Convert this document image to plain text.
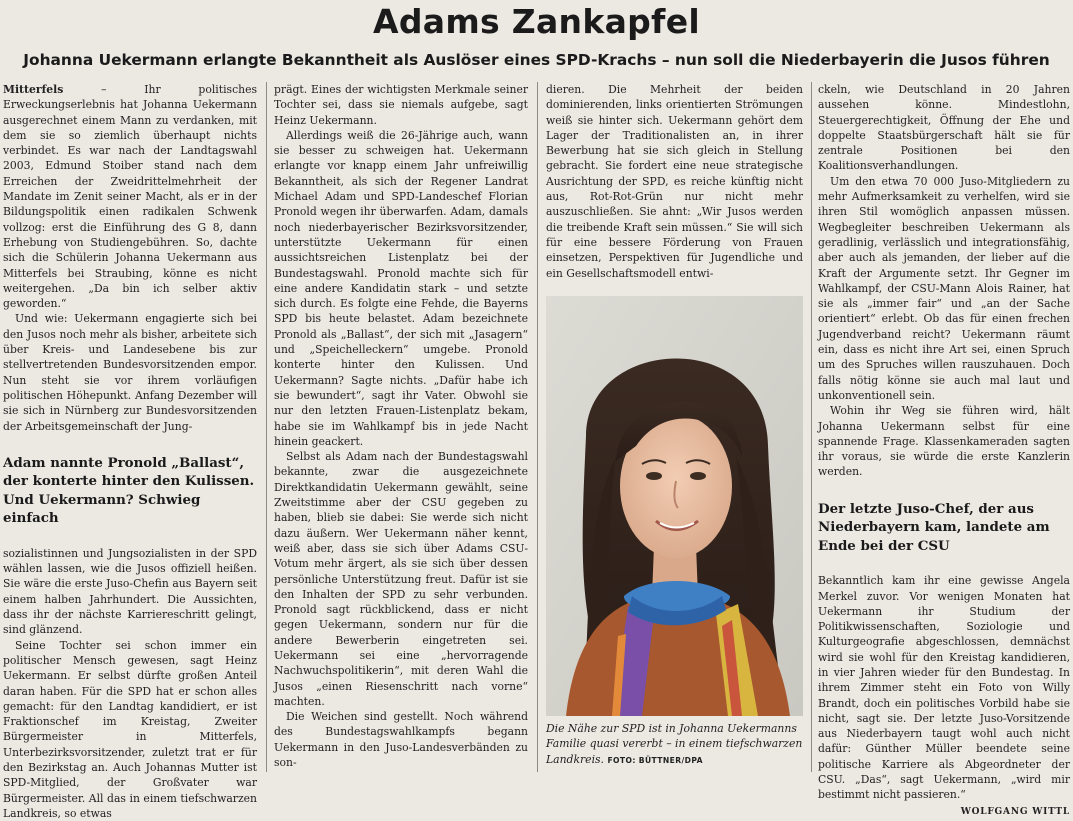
Adams Zankapfel
Johanna Uekermann erlangte Bekanntheit als Auslöser eines SPD-Krachs – nun soll die Niederbayerin die Jusos führen

Mitterfels – Ihr politisches Erweckungserlebnis hat Johanna Uekermann ausgerechnet einem Mann zu verdanken, mit dem sie so ziemlich überhaupt nichts verbindet. Es war nach der Landtagswahl 2003, Edmund Stoiber stand nach dem Erreichen der Zweidrittelmehrheit der Mandate im Zenit seiner Macht, als er in der Bildungspolitik einen radikalen Schwenk vollzog: erst die Einführung des G 8, dann Erhebung von Studiengebühren. So, dachte sich die Schülerin Johanna Uekermann aus Mitterfels bei Straubing, könne es nicht weitergehen. „Da bin ich selber aktiv geworden.“

Und wie: Uekermann engagierte sich bei den Jusos noch mehr als bisher, arbeitete sich über Kreis- und Landesebene bis zur stellvertretenden Bundesvorsitzenden empor. Nun steht sie vor ihrem vorläufigen politischen Höhepunkt. Anfang Dezember will sie sich in Nürnberg zur Bundesvorsitzenden der Arbeitsgemeinschaft der Jung-

Adam nannte Pronold „Ballast“, der konterte hinter den Kulissen. Und Uekermann? Schwieg einfach

sozialistinnen und Jungsozialisten in der SPD wählen lassen, wie die Jusos offiziell heißen. Sie wäre die erste Juso-Chefin aus Bayern seit einem halben Jahrhundert. Die Aussichten, dass ihr der nächste Karriereschritt gelingt, sind glänzend.

Seine Tochter sei schon immer ein politischer Mensch gewesen, sagt Heinz Uekermann. Er selbst dürfte großen Anteil daran haben. Für die SPD hat er schon alles gemacht: für den Landtag kandidiert, er ist Fraktionschef im Kreistag, Zweiter Bürgermeister in Mitterfels, Unterbezirksvorsitzender, zuletzt trat er für den Bezirkstag an. Auch Johannas Mutter ist SPD-Mitglied, der Großvater war Bürgermeister. All das in einem tiefschwarzen Landkreis, so etwas

prägt. Eines der wichtigsten Merkmale seiner Tochter sei, dass sie niemals aufgebe, sagt Heinz Uekermann.

Allerdings weiß die 26-Jährige auch, wann sie besser zu schweigen hat. Uekermann erlangte vor knapp einem Jahr unfreiwillig Bekanntheit, als sich der Regener Landrat Michael Adam und SPD-Landeschef Florian Pronold wegen ihr überwarfen. Adam, damals noch niederbayerischer Bezirksvorsitzender, unterstützte Uekermann für einen aussichtsreichen Listenplatz bei der Bundestagswahl. Pronold machte sich für eine andere Kandidatin stark – und setzte sich durch. Es folgte eine Fehde, die Bayerns SPD bis heute belastet. Adam bezeichnete Pronold als „Ballast“, der sich mit „Jasagern“ und „Speichelleckern“ umgebe. Pronold konterte hinter den Kulissen. Und Uekermann? Sagte nichts. „Dafür habe ich sie bewundert“, sagt ihr Vater. Obwohl sie nur den letzten Frauen-Listenplatz bekam, habe sie im Wahlkampf bis in jede Nacht hinein geackert.

Selbst als Adam nach der Bundestagswahl bekannte, zwar die ausgezeichnete Direktkandidatin Uekermann gewählt, seine Zweitstimme aber der CSU gegeben zu haben, blieb sie dabei: Sie werde sich nicht dazu äußern. Wer Uekermann näher kennt, weiß aber, dass sie sich über Adams CSU-Votum mehr ärgert, als sie sich über dessen persönliche Unterstützung freut. Dafür ist sie den Inhalten der SPD zu sehr verbunden. Pronold sagt rückblickend, dass er nicht gegen Uekermann, sondern nur für die andere Bewerberin eingetreten sei. Uekermann sei eine „hervorragende Nachwuchspolitikerin“, mit deren Wahl die Jusos „einen Riesenschritt nach vorne“ machten.

Die Weichen sind gestellt. Noch während des Bundestagswahlkampfs begann Uekermann in den Juso-Landesverbänden zu son-

dieren. Die Mehrheit der beiden dominierenden, links orientierten Strömungen weiß sie hinter sich. Uekermann gehört dem Lager der Traditionalisten an, in ihrer Bewerbung hat sie sich gleich in Stellung gebracht. Sie fordert eine neue strategische Ausrichtung der SPD, es reiche künftig nicht aus, Rot-Rot-Grün nur nicht mehr auszuschließen. Sie ahnt: „Wir Jusos werden die treibende Kraft sein müssen.“ Sie will sich für eine bessere Förderung von Frauen einsetzen, Perspektiven für Jugendliche und ein Gesellschaftsmodell entwi-

Die Nähe zur SPD ist in Johanna Uekermanns Familie quasi vererbt – in einem tiefschwarzen Landkreis. FOTO: BÜTTNER/DPA

ckeln, wie Deutschland in 20 Jahren aussehen könne. Mindestlohn, Steuergerechtigkeit, Öffnung der Ehe und doppelte Staatsbürgerschaft hält sie für zentrale Positionen bei den Koalitionsverhandlungen.

Um den etwa 70 000 Juso-Mitgliedern zu mehr Aufmerksamkeit zu verhelfen, wird sie ihren Stil womöglich anpassen müssen. Wegbegleiter beschreiben Uekermann als geradlinig, verlässlich und integrationsfähig, aber auch als jemanden, der lieber auf die Kraft der Argumente setzt. Ihr Gegner im Wahlkampf, der CSU-Mann Alois Rainer, hat sie als „immer fair“ und „an der Sache orientiert“ erlebt. Ob das für einen frechen Jugendverband reicht? Uekermann räumt ein, dass es nicht ihre Art sei, einen Spruch um des Spruches willen rauszuhauen. Doch falls nötig könne sie auch mal laut und unkonventionell sein.

Wohin ihr Weg sie führen wird, hält Johanna Uekermann selbst für eine spannende Frage. Klassenkameraden sagten ihr voraus, sie würde die erste Kanzlerin werden.

Der letzte Juso-Chef, der aus Niederbayern kam, landete am Ende bei der CSU

Bekanntlich kam ihr eine gewisse Angela Merkel zuvor. Vor wenigen Monaten hat Uekermann ihr Studium der Politikwissenschaften, Soziologie und Kulturgeografie abgeschlossen, demnächst wird sie wohl für den Kreistag kandidieren, in vier Jahren wieder für den Bundestag. In ihrem Zimmer steht ein Foto von Willy Brandt, doch ein politisches Vorbild habe sie nicht, sagt sie. Der letzte Juso-Vorsitzende aus Niederbayern taugt wohl auch nicht dafür: Günther Müller beendete seine politische Karriere als Abgeordneter der CSU. „Das“, sagt Uekermann, „wird mir bestimmt nicht passieren.“

WOLFGANG WITTL
